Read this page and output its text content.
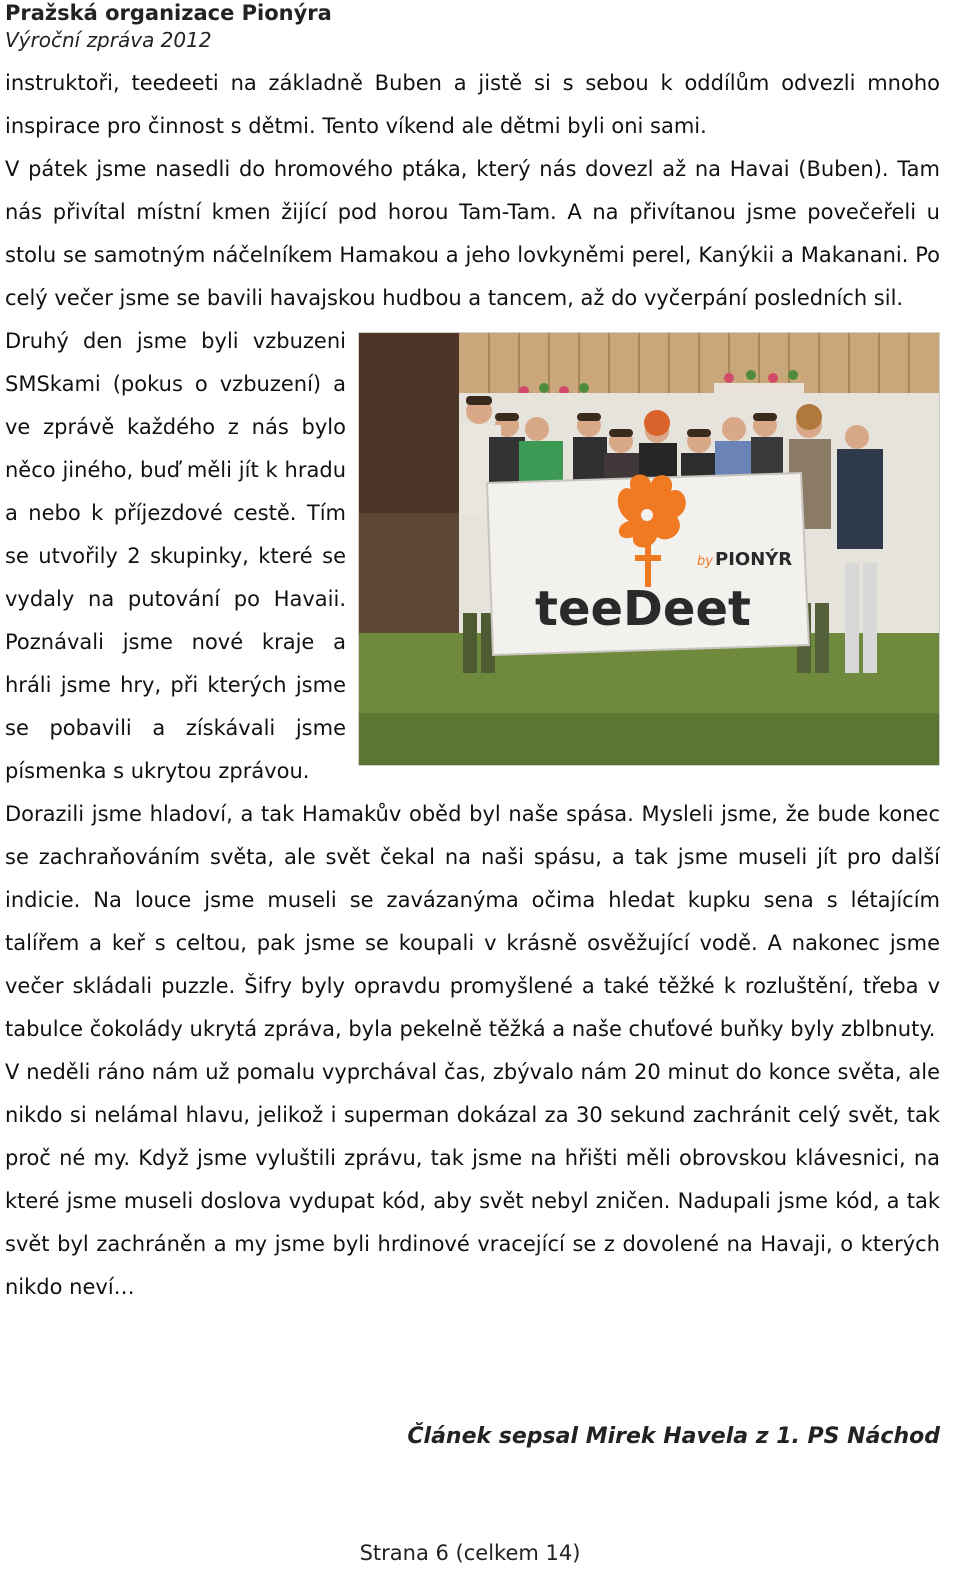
Pražská organizace Pionýra

Výroční zpráva 2012

instruktoři, teedeeti na základně Buben a jistě si s sebou k oddílům odvezli mnoho inspirace pro činnost s dětmi. Tento víkend ale dětmi byli oni sami.

V pátek jsme nasedli do hromového ptáka, který nás dovezl až na Havai (Buben). Tam nás přivítal místní kmen žijící pod horou Tam-Tam. A na přivítanou jsme povečeřeli u stolu se samotným náčelníkem Hamakou a jeho lovkyněmi perel, Kanýkii a Makanani. Po celý večer jsme se bavili havajskou hudbou a tancem, až do vyčerpání posledních sil.

teeDeet
by PIONÝR

Druhý den jsme byli vzbuzeni SMSkami (pokus o vzbuzení) a ve zprávě každého z nás bylo něco jiného, buď měli jít k hradu a nebo k příjezdové cestě. Tím se utvořily 2 skupinky, které se vydaly na putování po Havaii. Poznávali jsme nové kraje a hráli jsme hry, při kterých jsme se pobavili a získávali jsme písmenka s ukrytou zprávou.

Dorazili jsme hladoví, a tak Hamakův oběd byl naše spása. Mysleli jsme, že bude konec se zachraňováním světa, ale svět čekal na naši spásu, a tak jsme museli jít pro další indicie. Na louce jsme museli se zavázanýma očima hledat kupku sena s létajícím talířem a keř s celtou, pak jsme se koupali v krásně osvěžující vodě. A nakonec jsme večer skládali puzzle. Šifry byly opravdu promyšlené a také těžké k rozluštění, třeba v tabulce čokolády ukrytá zpráva, byla pekelně těžká a naše chuťové buňky byly zblbnuty.

V neděli ráno nám už pomalu vyprchával čas, zbývalo nám 20 minut do konce světa, ale nikdo si nelámal hlavu, jelikož i superman dokázal za 30 sekund zachránit celý svět, tak proč né my. Když jsme vyluštili zprávu, tak jsme na hřišti měli obrovskou klávesnici, na které jsme museli doslova vydupat kód, aby svět nebyl zničen. Nadupali jsme kód, a tak svět byl zachráněn a my jsme byli hrdinové vracející se z dovolené na Havaji, o kterých nikdo neví…

Článek sepsal Mirek Havela z 1. PS Náchod
Strana 6 (celkem 14)
